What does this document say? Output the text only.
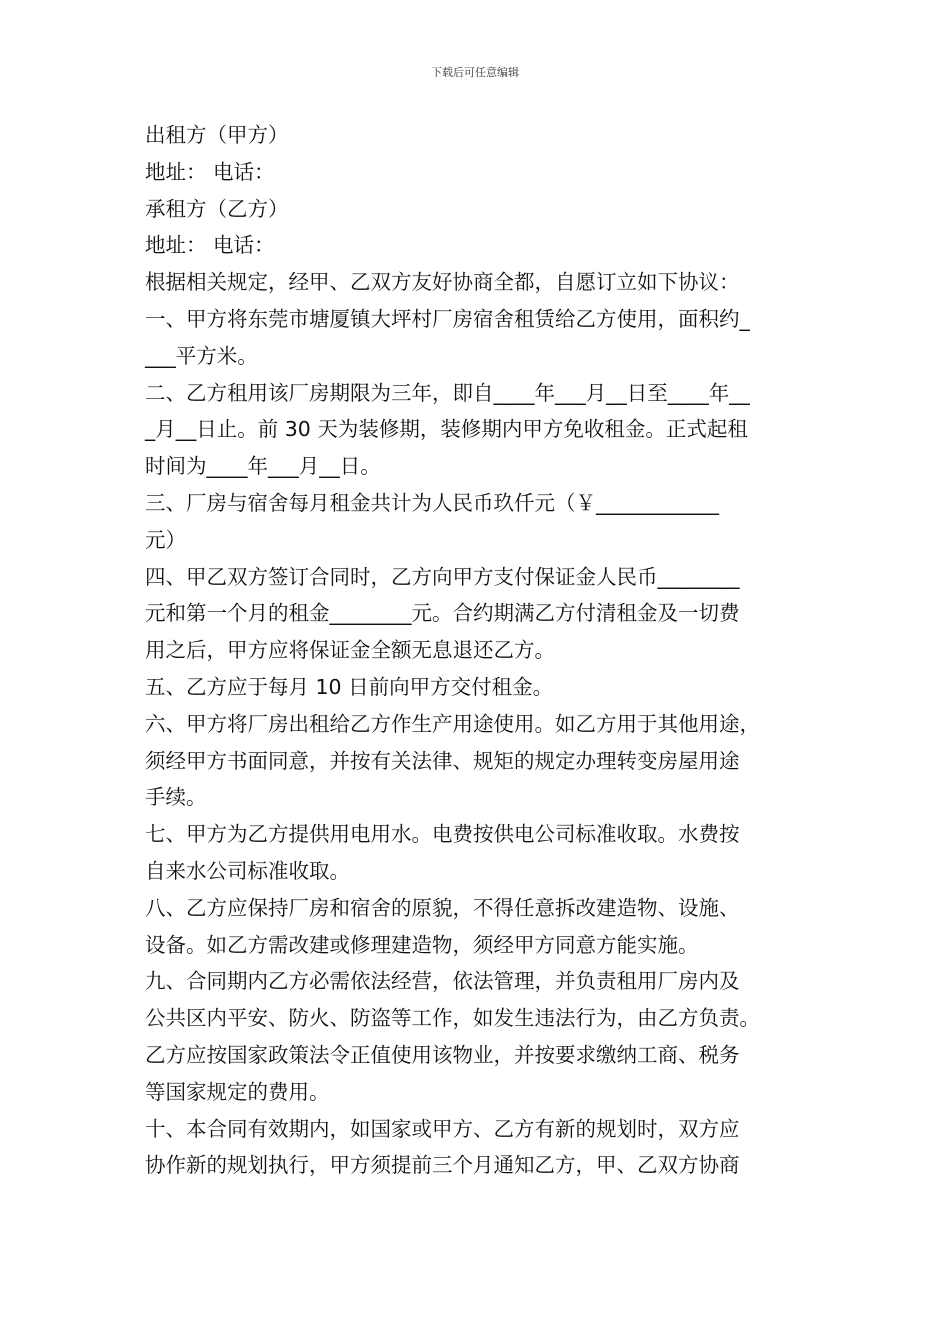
下载后可任意编辑
出租方（甲方）
地址： 电话：
承租方（乙方）
地址： 电话：
根据相关规定，经甲、乙双方友好协商全都，自愿订立如下协议：
一、甲方将东莞市塘厦镇大坪村厂房宿舍租赁给乙方使用，面积约_
___平方米。
二、乙方租用该厂房期限为三年，即自____年___月__日至____年__
_月__日止。前 30 天为装修期，装修期内甲方免收租金。正式起租
时间为____年___月__日。
三、厂房与宿舍每月租金共计为人民币玖仟元（￥____________
元）
四、甲乙双方签订合同时，乙方向甲方支付保证金人民币________
元和第一个月的租金________元。合约期满乙方付清租金及一切费
用之后，甲方应将保证金全额无息退还乙方。
五、乙方应于每月 10 日前向甲方交付租金。
六、甲方将厂房出租给乙方作生产用途使用。如乙方用于其他用途，
须经甲方书面同意，并按有关法律、规矩的规定办理转变房屋用途
手续。
七、甲方为乙方提供用电用水。电费按供电公司标准收取。水费按
自来水公司标准收取。
八、乙方应保持厂房和宿舍的原貌，不得任意拆改建造物、设施、
设备。如乙方需改建或修理建造物，须经甲方同意方能实施。
九、合同期内乙方必需依法经营，依法管理，并负责租用厂房内及
公共区内平安、防火、防盗等工作，如发生违法行为，由乙方负责。
乙方应按国家政策法令正值使用该物业，并按要求缴纳工商、税务
等国家规定的费用。
十、本合同有效期内，如国家或甲方、乙方有新的规划时，双方应
协作新的规划执行，甲方须提前三个月通知乙方，甲、乙双方协商
